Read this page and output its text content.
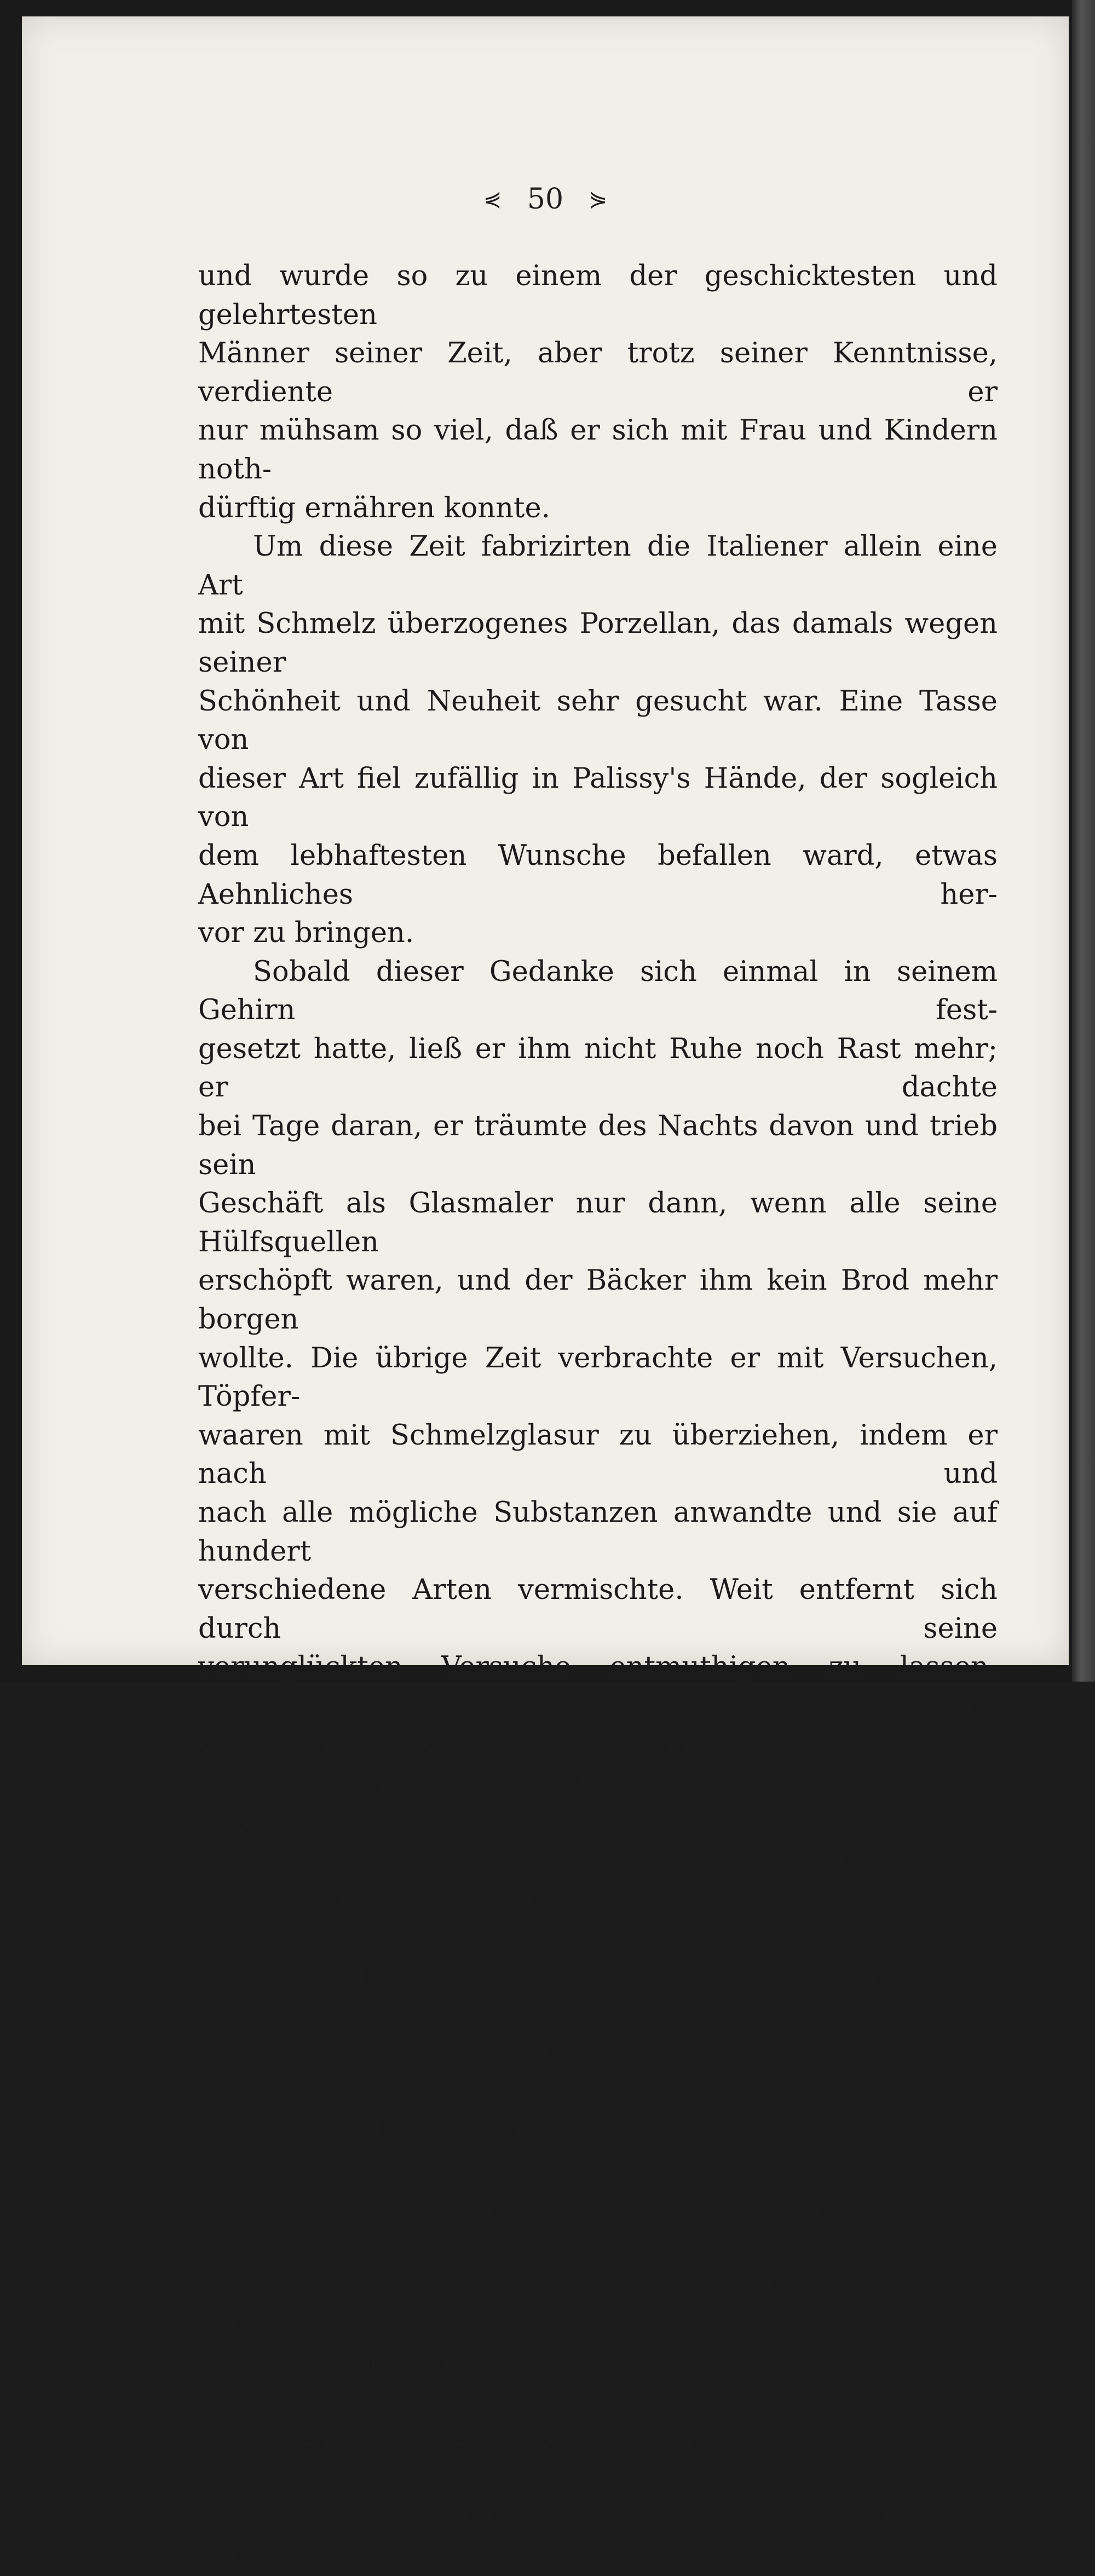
⋞ 50 ⋟

und wurde so zu einem der geschicktesten und gelehrtesten

Männer seiner Zeit, aber trotz seiner Kenntnisse, verdiente er

nur mühsam so viel, daß er sich mit Frau und Kindern noth-

dürftig ernähren konnte.

Um diese Zeit fabrizirten die Italiener allein eine Art

mit Schmelz überzogenes Porzellan, das damals wegen seiner

Schönheit und Neuheit sehr gesucht war. Eine Tasse von

dieser Art fiel zufällig in Palissy's Hände, der sogleich von

dem lebhaftesten Wunsche befallen ward, etwas Aehnliches her-

vor zu bringen.

Sobald dieser Gedanke sich einmal in seinem Gehirn fest-

gesetzt hatte, ließ er ihm nicht Ruhe noch Rast mehr; er dachte

bei Tage daran, er träumte des Nachts davon und trieb sein

Geschäft als Glasmaler nur dann, wenn alle seine Hülfsquellen

erschöpft waren, und der Bäcker ihm kein Brod mehr borgen

wollte. Die übrige Zeit verbrachte er mit Versuchen, Töpfer-

waaren mit Schmelzglasur zu überziehen, indem er nach und

nach alle mögliche Substanzen anwandte und sie auf hundert

verschiedene Arten vermischte. Weit entfernt sich durch seine

verunglückten Versuche entmuthigen zu lassen, verfolgte er sein

Ziel mit unüberwindlicher Beharrlichkeit.

Statt ihm behülflich zu sein, verschrieen ihn seine Nach-

barn als einen Narren; seine Frau warf ihm täglich mit

schneidenden Worten ihr Elend vor und machte ihm durch ihre

unaufhörlichen Quälereien das Leben recht sauer; aber Bern-

hard, der auf Gott vertraute und die Gewißheit des Gelingens

in sich fühlte, ertrug im Stillen die verächtlichen Spöttereien

seiner Nachbarn und die Vorwürfe seiner Frau. Aus Mangel

an Geld genöthigt den Tagelöhner zu entlassen, der ihm bei

seinen Arbeiten hülfreiche Hand geleistet hatte, bezahlte er ihn

mit einem Theil seiner Kleidungsstücke. Er war so arm und

elend, daß er nicht mehr auszugehen wagte, um nicht dem
